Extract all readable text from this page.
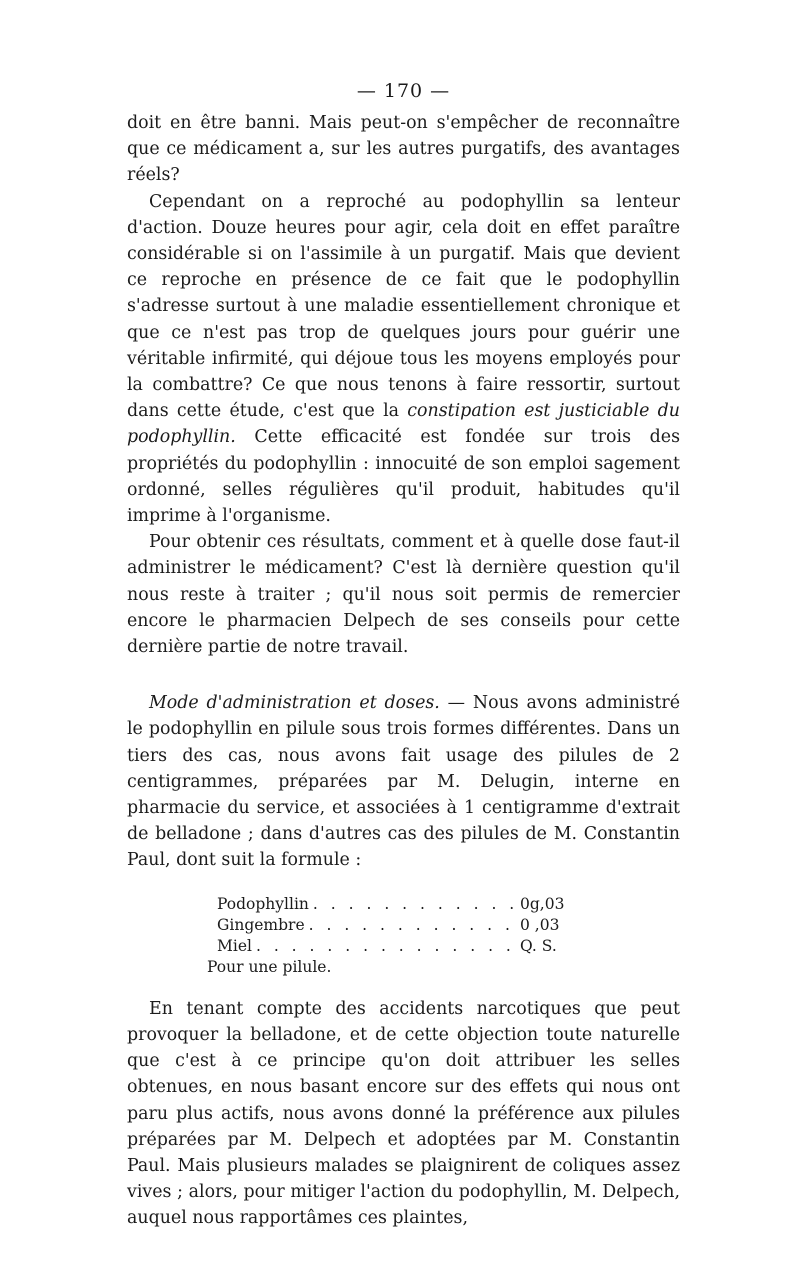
— 170 —

doit en être banni. Mais peut-on s'empêcher de reconnaître que ce médicament a, sur les autres purgatifs, des avantages réels?

Cependant on a reproché au podophyllin sa lenteur d'action. Douze heures pour agir, cela doit en effet paraître considérable si on l'assimile à un purgatif. Mais que devient ce reproche en présence de ce fait que le podophyllin s'adresse surtout à une maladie essentiellement chronique et que ce n'est pas trop de quelques jours pour guérir une véritable infirmité, qui déjoue tous les moyens employés pour la combattre? Ce que nous tenons à faire ressortir, surtout dans cette étude, c'est que la constipation est justiciable du podophyllin. Cette efficacité est fondée sur trois des propriétés du podophyllin : innocuité de son emploi sagement ordonné, selles régulières qu'il produit, habitudes qu'il imprime à l'organisme.

Pour obtenir ces résultats, comment et à quelle dose faut-il administrer le médicament? C'est là dernière question qu'il nous reste à traiter ; qu'il nous soit permis de remercier encore le pharmacien Delpech de ses conseils pour cette dernière partie de notre travail.

Mode d'administration et doses. — Nous avons administré le podophyllin en pilule sous trois formes différentes. Dans un tiers des cas, nous avons fait usage des pilules de 2 centigrammes, préparées par M. Delugin, interne en pharmacie du service, et associées à 1 centigramme d'extrait de belladone ; dans d'autres cas des pilules de M. Constantin Paul, dont suit la formule :

Podophyllin . . .	0g,03
Gingembre . . .	0 ,03
Miel . . .	Q. S.
Pour une pilule.

En tenant compte des accidents narcotiques que peut provoquer la belladone, et de cette objection toute naturelle que c'est à ce principe qu'on doit attribuer les selles obtenues, en nous basant encore sur des effets qui nous ont paru plus actifs, nous avons donné la préférence aux pilules préparées par M. Delpech et adoptées par M. Constantin Paul. Mais plusieurs malades se plaignirent de coliques assez vives ; alors, pour mitiger l'action du podophyllin, M. Delpech, auquel nous rapportâmes ces plaintes,
